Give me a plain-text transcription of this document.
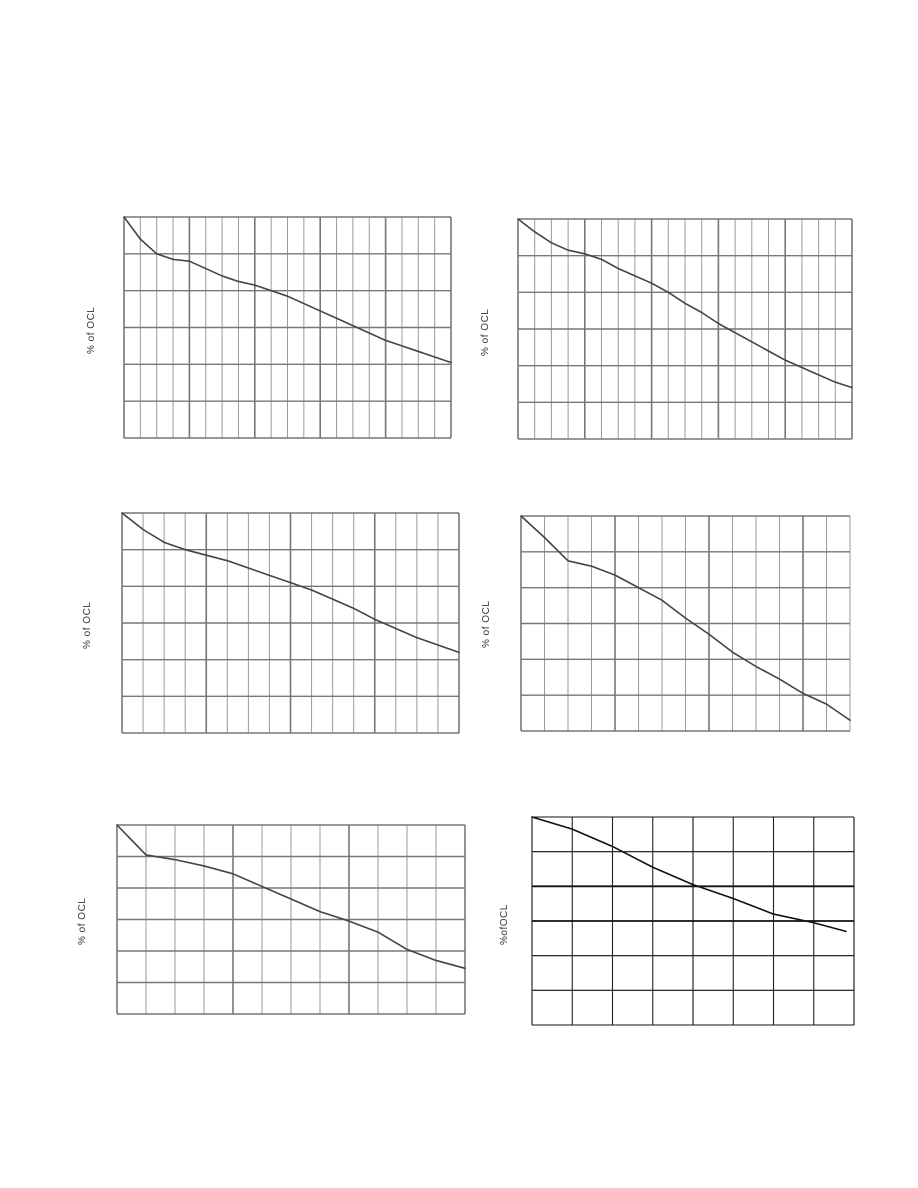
% of OCL	% of OCL
% of OCL	% of OCL
% of OCL	%ofOCL
